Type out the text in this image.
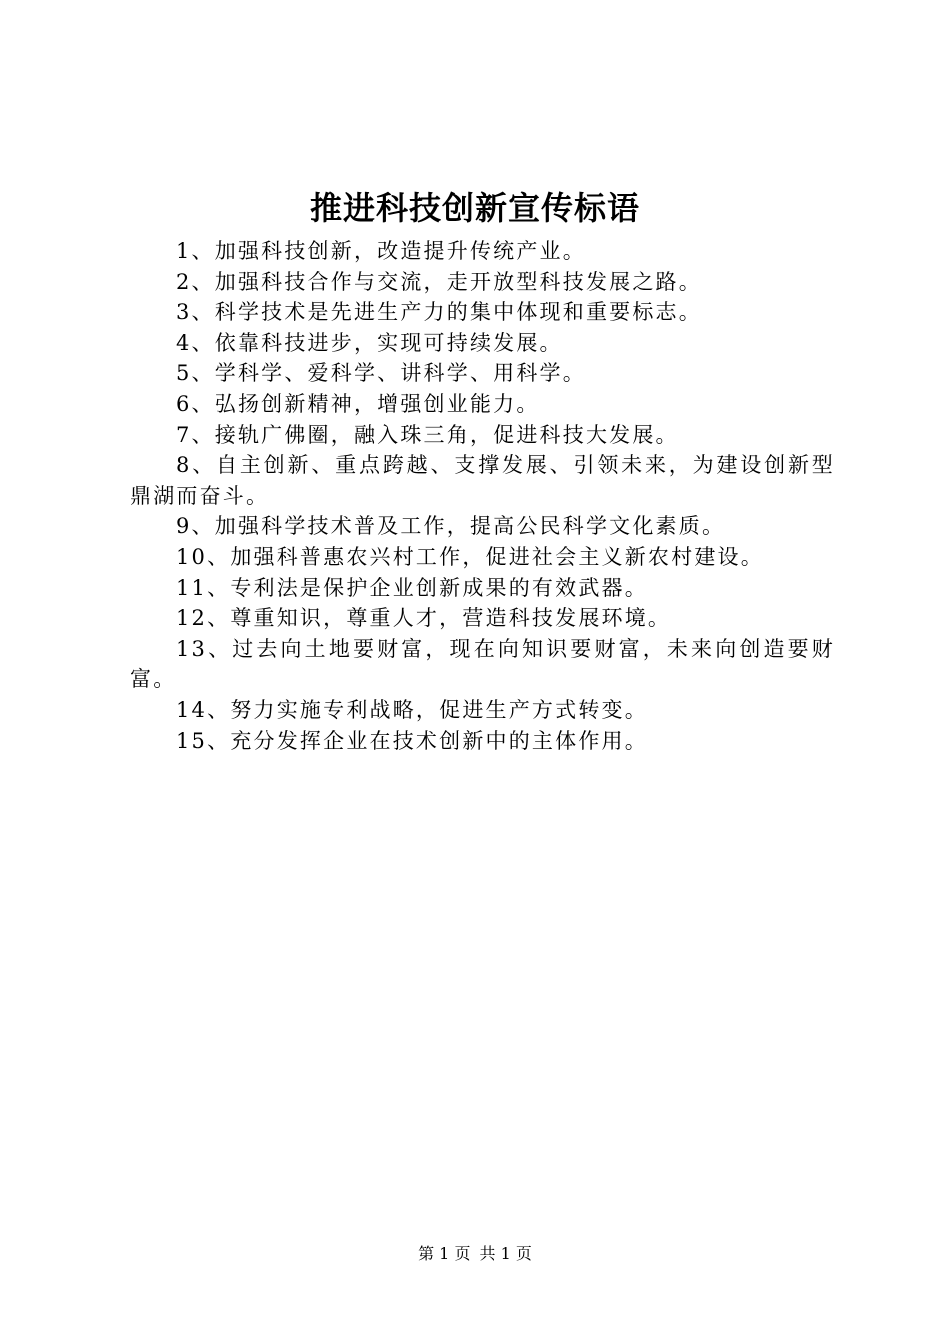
推进科技创新宣传标语
1、加强科技创新，改造提升传统产业。
2、加强科技合作与交流，走开放型科技发展之路。
3、科学技术是先进生产力的集中体现和重要标志。
4、依靠科技进步，实现可持续发展。
5、学科学、爱科学、讲科学、用科学。
6、弘扬创新精神，增强创业能力。
7、接轨广佛圈，融入珠三角，促进科技大发展。
8、自主创新、重点跨越、支撑发展、引领未来，为建设创新型鼎湖而奋斗。
9、加强科学技术普及工作，提高公民科学文化素质。
10、加强科普惠农兴村工作，促进社会主义新农村建设。
11、专利法是保护企业创新成果的有效武器。
12、尊重知识，尊重人才，营造科技发展环境。
13、过去向土地要财富，现在向知识要财富，未来向创造要财富。
14、努力实施专利战略，促进生产方式转变。
15、充分发挥企业在技术创新中的主体作用。
第 1 页 共 1 页
